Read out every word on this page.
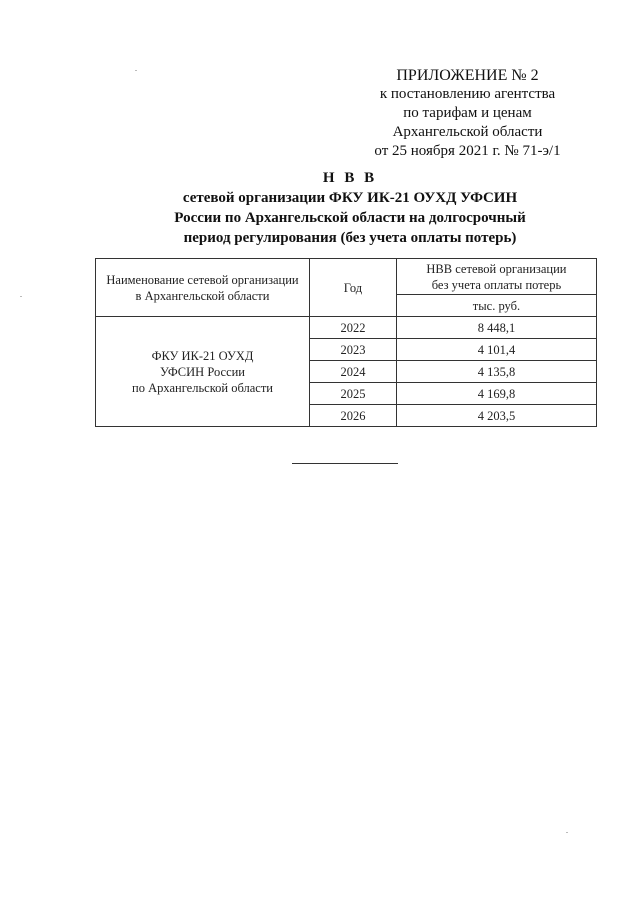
ПРИЛОЖЕНИЕ № 2
к постановлению агентства
по тарифам и ценам
Архангельской области
от 25 ноября 2021 г. № 71-э/1
Н В В
сетевой организации ФКУ ИК-21 ОУХД УФСИН
России по Архангельской области на долгосрочный
период регулирования (без учета оплаты потерь)
Наименование сетевой организации
в Архангельской области	Год	НВВ сетевой организации
без учета оплаты потерь

		тыс. руб.

ФКУ ИК-21 ОУХД
УФСИН России
по Архангельской области	2022	8 448,1
	2023	4 101,4
	2024	4 135,8
	2025	4 169,8
	2026	4 203,5
